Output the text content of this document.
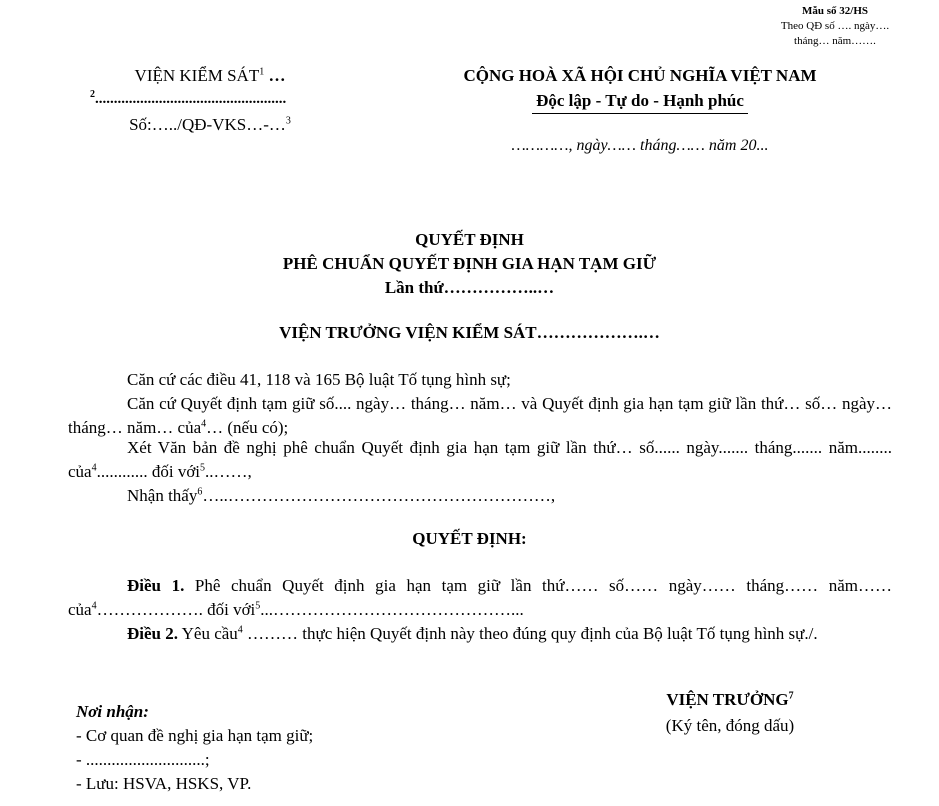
Mẫu số 32/HS
Theo QĐ số …. ngày….
tháng… năm…….
VIỆN KIỂM SÁT$^1$ …
$^2$...................................................
Số:…../QĐ-VKS…-…$^3$
CỘNG HOÀ XÃ HỘI CHỦ NGHĨA VIỆT NAM
Độc lập - Tự do - Hạnh phúc
…………, ngày…… tháng…… năm 20...
QUYẾT ĐỊNH
PHÊ CHUẨN QUYẾT ĐỊNH GIA HẠN TẠM GIỮ
Lần thứ……………..…
VIỆN TRƯỞNG VIỆN KIỂM SÁT……………….…
Căn cứ các điều 41, 118 và 165 Bộ luật Tố tụng hình sự;
Căn cứ Quyết định tạm giữ số.... ngày… tháng… năm… và Quyết định gia hạn tạm giữ lần thứ… số… ngày… tháng… năm… của$^4$… (nếu có);
Xét Văn bản đề nghị phê chuẩn Quyết định gia hạn tạm giữ lần thứ… số...... ngày....... tháng....... năm........ của$^4$............ đối với$^5$..……,
Nhận thấy$^6$…..…………………………………………………,
QUYẾT ĐỊNH:
Điều 1. Phê chuẩn Quyết định gia hạn tạm giữ lần thứ…… số…… ngày…… tháng…… năm…… của$^4$………………. đối với$^5$...……………………………………...
Điều 2. Yêu cầu$^4$ ……… thực hiện Quyết định này theo đúng quy định của Bộ luật Tố tụng hình sự./.
Nơi nhận:
- Cơ quan đề nghị gia hạn tạm giữ;
- ............................;
- Lưu: HSVA, HSKS, VP.
VIỆN TRƯỞNG$^7$
(Ký tên, đóng dấu)
